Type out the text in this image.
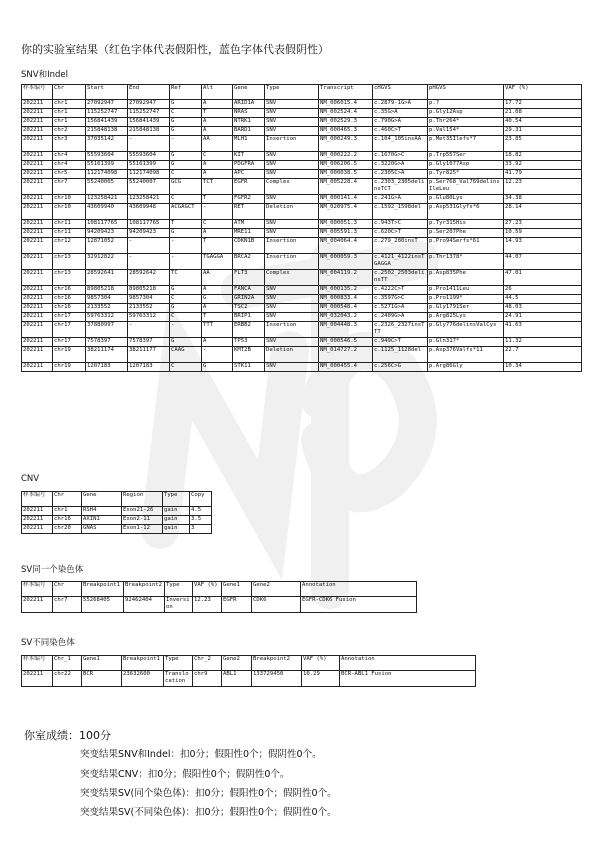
你的实验室结果（红色字体代表假阳性，蓝色字体代表假阴性）
SNV和Indel
样本编号	Chr	Start	End	Ref	Alt	Gene	Type	Transcript	cHGVS	pHGVS	VAF (%)
202211	chr1	27092947	27092947	G	A	ARID1A	SNV	NM_006015.4	c.2879-1G>A	p.?	17.72
202211	chr1	115252747	115252747	C	T	NRAS	SNV	NM_002524.4	c.35G>A	p.Gly12Asp	21.08
202211	chr1	156841439	156841439	G	A	NTRK1	SNV	NM_002529.3	c.790G>A	p.Thr264*	40.54
202211	chr2	215848138	215848138	G	A	BARD1	SNV	NM_000465.3	c.460C>T	p.Val154*	29.31
202211	chr3	37035142	-	-	AA	MLH1	Insertion	NM_000249.3	c.104_105insAA	p.Met35Ilefs*7	23.85
202211	chr4	55593604	55593604	G	C	KIT	SNV	NM_000222.2	c.1670G>C	p.Trp557Ser	18.82
202211	chr4	55161399	55161399	G	A	PDGFRA	SNV	NM_006206.5	c.3220G>A	p.Gly1077Asp	33.92
202211	chr5	112174098	112174098	C	A	APC	SNV	NM_000038.5	c.2305C>A	p.Tyr825*	41.79
202211	chr7	55240005	55240007	GCG	TCT	EGFR	Complex	NM_005228.4	c.2303_2305delinsTCT	p.Ser768_Val769delinsIleLeu	12.23
202211	chr10	123258421	123258421	C	T	FGFR2	SNV	NM_000141.4	c.241G>A	p.Glu80Lys	34.38
202211	chr10	43609940	43609948	ACGAGCT	-	RET	Deletion	NM_020975.4	c.1592_1598del	p.Asp531Glyfs*6	28.14
202211	chr11	108117765	108117765	T	C	ATM	SNV	NM_000051.3	c.943T>C	p.Tyr315His	27.23
202211	chr11	94209423	94209423	G	A	MRE11	SNV	NM_005591.3	c.620C>T	p.Ser207Phe	10.59
202211	chr12	12871052	-	-	T	CDKN1B	Insertion	NM_004064.4	c.279_280insT	p.Pro94Serfs*61	14.93
202211	chr13	32912822	-	-	TGAGGA	BRCA2	Insertion	NM_000059.3	c.4121_4122insTGAGGA	p.Thr1378*	44.07
202211	chr13	28592641	28592642	TC	AA	FLT3	Complex	NM_004119.2	c.2502_2503delinsTT	p.Asp835Phe	47.01
202211	chr16	89805218	89805218	G	A	FANCA	SNV	NM_000135.2	c.4222C>T	p.Pro1411Leu	26
202211	chr16	9857304	9857304	C	G	GRIN2A	SNV	NM_000833.4	c.3597G>C	p.Pro1199*	44.5
202211	chr16	2133552	2133552	G	A	TSC2	SNV	NM_000548.4	c.5271G>A	p.Gly1791Ser	48.03
202211	chr17	59763312	59763312	C	T	BRIP1	SNV	NM_032043.2	c.2409G>A	p.Arg825Lys	24.91
202211	chr17	37880997	-	-	TTT	ERBB2	Insertion	NM_004448.3	c.2326_2327insTTT	p.Gly776delinsValCys	41.63
202211	chr17	7578397	7578397	G	A	TP53	SNV	NM_000546.5	c.949C>T	p.Gln317*	11.32
202211	chr19	38211174	38211177	CAAG	-	KMT2B	Deletion	NM_014727.2	c.1125_1128del	p.Asp376Valfs*11	22.7
202211	chr19	1207183	1207183	C	G	STK11	SNV	NM_000455.4	c.256C>G	p.Arg86Gly	10.34
CNV
样本编号	Chr	Gene	Region	Type	Copy
202211	chr1	RSH4	Exon21-26	gain	4.5
202211	chr16	AXIN1	Exon2-11	gain	3.5
202211	chr20	GNAS	Exon1-12	gain	3
SV同一个染色体
样本编号	Chr	Breakpoint1	Breakpoint2	Type	VAF (%)	Gene1	Gene2	Annotation
202211	chr7	55268405	92462404	Inversion	12.23	EGFR	CDK6	EGFR-CDK6 Fusion
SV不同染色体
样本编号	Chr_1	Gene1	Breakpoint1	Type	Chr_2	Gene2	Breakpoint2	VAF (%)	Annotation
202211	chr22	BCR	23632600	Translocation	chr9	ABL1	133729450	10.29	BCR-ABL1 Fusion
你室成绩：100分
突变结果SNV和Indel：扣0分；假阳性0个；假阴性0个。
突变结果CNV：扣0分；假阳性0个；假阴性0个。
突变结果SV(同个染色体)：扣0分；假阳性0个；假阴性0个。
突变结果SV(不同染色体)：扣0分；假阳性0个；假阴性0个。
